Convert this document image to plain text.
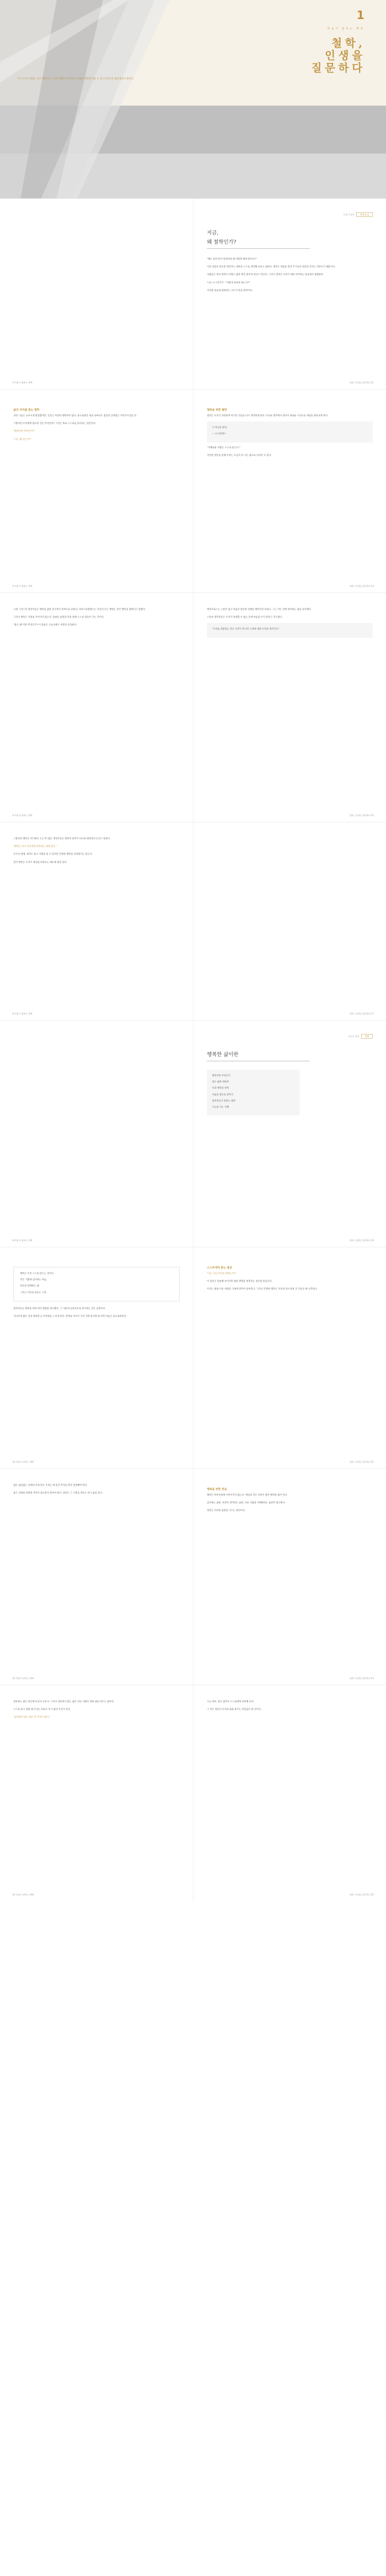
1
마음이 답하는 행복
철학,
인생을
질문하다
우리 모두가 원하는 것은 행복이다. 그러나 행복이 무엇인지, 어떻게 행복에 이를 수 있는지 물으면 쉽게 답하지 못한다.
1 마음이 답하는 행복
마음의 철학	철학과 삶
지금,
왜 철학인가?

"해도 될까 말까 망설여질 때 어떻게 해야 할까요?"

이런 질문을 받으면 철학자는 대부분 스스로 생각해 보라고 답한다. 철학은 정답을 알려 주기보다 질문을 던지는 학문이기 때문이다.

사람들은 흔히 철학이 어렵고 삶과 멀리 떨어져 있다고 여긴다. 그러나 철학은 우리가 매일 마주하는 물음에서 출발한다.

"나는 누구인가?", "어떻게 살아야 하는가?"

이러한 물음에 답하려는 시도가 바로 철학이다.

철학, 인생을 질문하다 11
삶의 의미를 묻는 철학

과학 기술은 눈부시게 발전했지만, 인간은 여전히 행복하지 않다. 풍요로워진 세상 속에서도 불안과 공허함은 사라지지 않는다.

그렇다면 우리에게 필요한 것은 무엇일까? 그것은 바로 스스로를 돌아보는 질문이다.

"행복이란 무엇인가?"

"나는 왜 사는가?"

2 마음이 답하는 행복
행복을 위한 철학

철학은 우리가 당연하게 여기던 것들을 다시 생각하게 한다. 익숙한 생각에서 벗어나 새로운 시각으로 세상을 바라보게 한다.

너 자신을 알라.

— 소크라테스

"지혜로운 사람은 스스로 묻는다."

이러한 질문을 통해 우리는 조금씩 더 나은 삶으로 나아갈 수 있다.

철학, 인생을 질문하다 13

고대 그리스의 철학자들은 행복을 삶의 궁극적인 목적으로 보았다. 아리스토텔레스는 인간의 모든 행위는 결국 행복을 향한다고 말했다.

그러나 행복은 저절로 주어지지 않는다. 올바른 습관과 덕을 통해 스스로 만들어 가는 것이다.

"좋은 삶"이란 무엇인가? 이 물음은 오늘날에도 여전히 유효하다.

4 마음이 답하는 행복

에피쿠로스는 고통이 없고 마음이 평온한 상태를 행복이라 보았다. 그는 작은 것에 만족하는 삶을 강조했다.

스토아 철학자들은 우리가 통제할 수 없는 일에 마음을 쓰지 말라고 가르쳤다.

"우리를 괴롭히는 것은 사건이 아니라 그것에 대한 우리의 생각이다."

철학, 인생을 질문하다 15

그렇다면 행복은 어디에서 오는가? 많은 철학자들은 행복이 외부가 아니라 내면에서 온다고 말한다.

"행복은 자기 자신에게 만족하는 데에 있다."

돈이나 명예, 권력은 잠시 기쁨을 줄 수 있지만 진정한 행복을 보장하지는 않는다.

결국 행복은 우리가 세상을 바라보는 태도에 달려 있다.

6 마음이 답하는 행복	철학, 인생을 질문하다 17
8 마음이 답하는 행복
마음의 철학	행복
행복한 삶이란

행복이란 무엇인가

좋은 삶에 대하여

덕과 행복의 관계

마음의 평온을 찾아서

철학자들이 말하는 행복

오늘을 사는 지혜

철학, 인생을 질문하다 19

행복은 우리 스스로 만드는 것이다.

작은 기쁨에 감사하는 마음,

타인과 함께하는 삶,

그리고 자신을 돌보는 시간.

철학자들은 행복을 위한 여러 방법을 제시했다. 그 가운데 공통적으로 강조하는 것은 균형이다.

지나치게 많은 것을 원하면 늘 부족함을 느끼게 된다. 반대로 자신이 가진 것에 감사할 줄 알면 마음은 풍요로워진다.

10 마음이 답하는 행복
스스로에게 묻는 질문

"나는 지금 무엇을 원하는가?"

이 질문은 단순해 보이지만 삶의 방향을 결정짓는 중요한 물음이다.

우리는 종종 다른 사람의 기대에 맞추어 살아간다. 그러나 진정한 행복은 자신의 목소리에 귀 기울일 때 시작된다.

철학, 인생을 질문하다 21

삶은 끊임없는 선택의 연속이다. 우리는 매 순간 무엇을 할지 결정해야 한다.

좋은 선택을 하려면 무엇이 중요한지 알아야 한다. 철학은 그 기준을 세우는 데 도움을 준다.

12 마음이 답하는 행복
행복을 위한 연습

행복은 하루아침에 이루어지지 않는다. 매일의 작은 실천이 쌓여 행복한 삶이 된다.

감사하는 습관, 천천히 생각하는 습관, 다른 사람을 이해하려는 습관이 필요하다.

철학은 이러한 습관을 기르는 훈련이다.

철학, 인생을 질문하다 23

질문하는 삶은 피곤해 보일지 모른다. 그러나 질문하지 않는 삶은 다른 사람이 정한 답을 따르는 삶이다.

스스로 묻고 답할 때 우리는 비로소 자기 삶의 주인이 된다.

"음미하지 않는 삶은 살 가치가 없다."

14 마음이 답하는 행복

오늘 하루, 잠시 멈추어 스스로에게 질문해 보자.

그 작은 질문이 우리의 삶을 바꾸는 첫걸음이 될 것이다.

철학, 인생을 질문하다 25
